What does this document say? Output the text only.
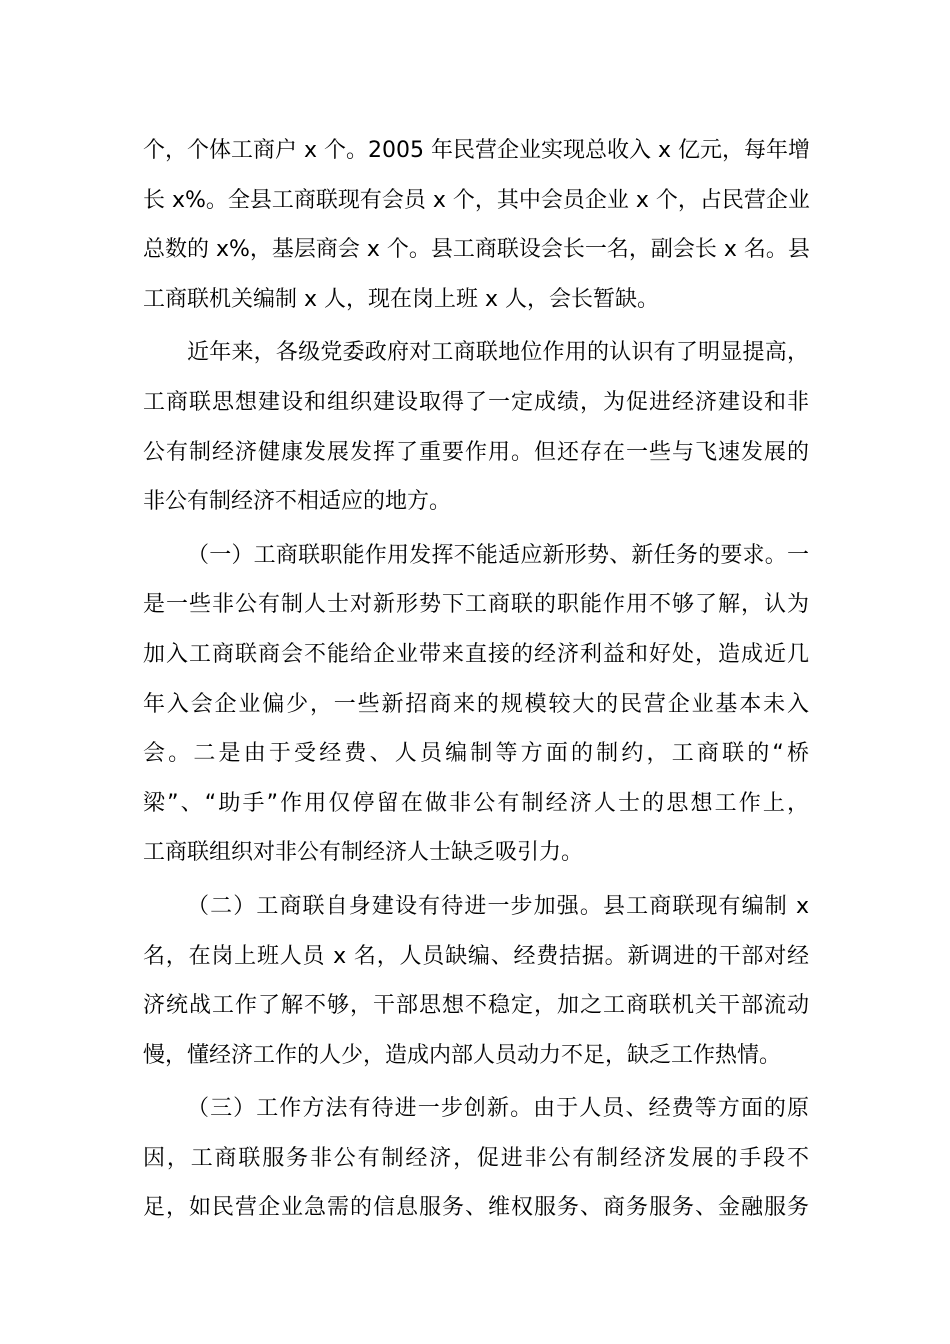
个，个体工商户 x 个。2005 年民营企业实现总收入 x 亿元，每年增
长 x%。全县工商联现有会员 x 个，其中会员企业 x 个，占民营企业
总数的 x%，基层商会 x 个。县工商联设会长一名，副会长 x 名。县
工商联机关编制 x 人，现在岗上班 x 人，会长暂缺。
近年来，各级党委政府对工商联地位作用的认识有了明显提高，
工商联思想建设和组织建设取得了一定成绩，为促进经济建设和非
公有制经济健康发展发挥了重要作用。但还存在一些与飞速发展的
非公有制经济不相适应的地方。
（一）工商联职能作用发挥不能适应新形势、新任务的要求。一
是一些非公有制人士对新形势下工商联的职能作用不够了解，认为
加入工商联商会不能给企业带来直接的经济利益和好处，造成近几
年入会企业偏少，一些新招商来的规模较大的民营企业基本未入
会。二是由于受经费、人员编制等方面的制约，工商联的“桥
梁”、“助手”作用仅停留在做非公有制经济人士的思想工作上，
工商联组织对非公有制经济人士缺乏吸引力。
（二）工商联自身建设有待进一步加强。县工商联现有编制 x
名，在岗上班人员 x 名，人员缺编、经费拮据。新调进的干部对经
济统战工作了解不够，干部思想不稳定，加之工商联机关干部流动
慢，懂经济工作的人少，造成内部人员动力不足，缺乏工作热情。
（三）工作方法有待进一步创新。由于人员、经费等方面的原
因，工商联服务非公有制经济，促进非公有制经济发展的手段不
足，如民营企业急需的信息服务、维权服务、商务服务、金融服务
